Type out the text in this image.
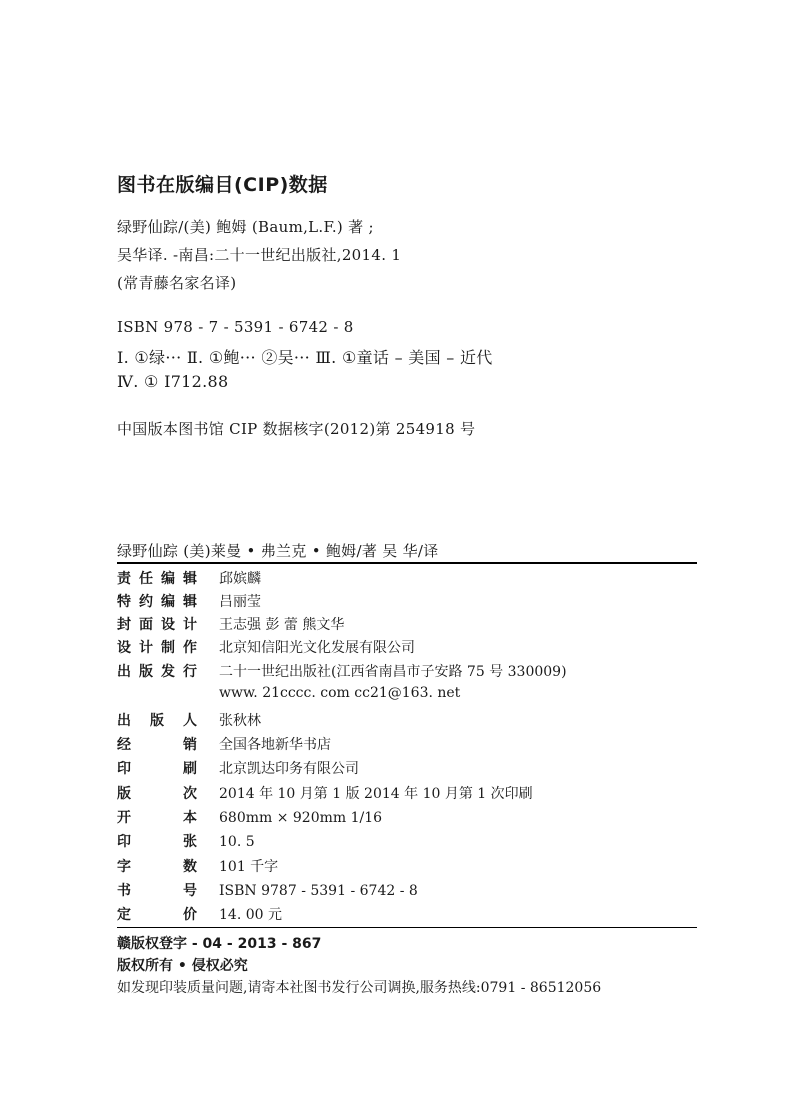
图书在版编目(CIP)数据
绿野仙踪/(美) 鲍姆 (Baum,L.F.) 著 ;
吴华译. -南昌:二十一世纪出版社,2014. 1
(常青藤名家名译)
ISBN 978 - 7 - 5391 - 6742 - 8
Ⅰ. ①绿··· Ⅱ. ①鲍··· ②吴··· Ⅲ. ①童话 – 美国 – 近代
Ⅳ. ① I712.88
中国版本图书馆 CIP 数据核字(2012)第 254918 号
绿野仙踪 (美)莱曼 • 弗兰克 • 鲍姆/著 吴 华/译
责任编辑 邱嫔麟
特约编辑 吕丽莹
封面设计 王志强 彭 蕾 熊文华
设计制作 北京知信阳光文化发展有限公司
出版发行 二十一世纪出版社(江西省南昌市子安路 75 号 330009)
www. 21cccc. com cc21@163. net
出版人 张秋林
经销 全国各地新华书店
印刷 北京凯达印务有限公司
版次 2014 年 10 月第 1 版 2014 年 10 月第 1 次印刷
开本 680mm × 920mm 1/16
印张 10. 5
字数 101 千字
书号 ISBN 9787 - 5391 - 6742 - 8
定价 14. 00 元
赣版权登字 - 04 - 2013 - 867
版权所有 • 侵权必究
如发现印装质量问题,请寄本社图书发行公司调换,服务热线:0791 - 86512056
